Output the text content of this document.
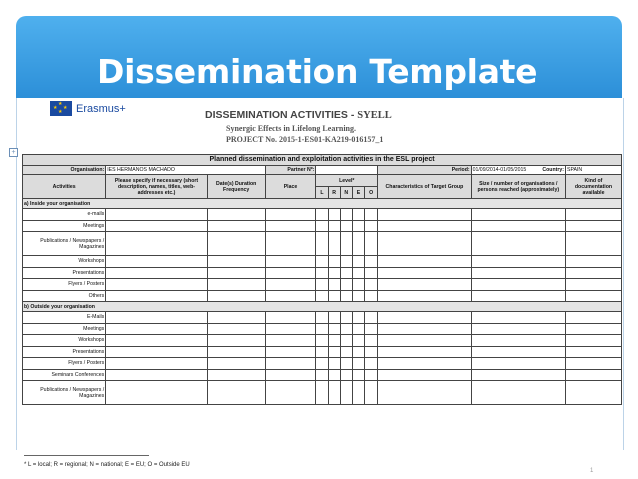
Dissemination Template
★
★ ★
★ Erasmus+	DISSEMINATION ACTIVITIES - SYELL
Synergic Effects in Lifelong Learning.
PROJECT No. 2015-1-ES01-KA219-016157_1
+
Planned dissemination and exploitation activities in the ESL project											
Organisation:	IES HERMANOS MACHADO		Partner Nº:						Period:	01/09/2014-01/05/2015 Country:	SPAIN
Activities	Please specify if necessary (short description, names, titles, web-addresses etc.)	Date(s) Duration Frequency	Place	Level*					Characteristics of Target Group	Size / number of organisations / persons reached (approximately)	Kind of documentation available
				L	R	N	E	O			
a) Inside your organisation											
e-mails											
Meetings											
Publications / Newspapers / Magazines											
Workshops											
Presentations											
Flyers / Posters											
Others											
b) Outside your organisation											
E-Mails											
Meetings											
Workshops											
Presentations											
Flyers / Posters											
Seminars Conferences											
Publications / Newspapers / Magazines											
* L = local; R = regional; N = national; E = EU; O = Outside EU
1
